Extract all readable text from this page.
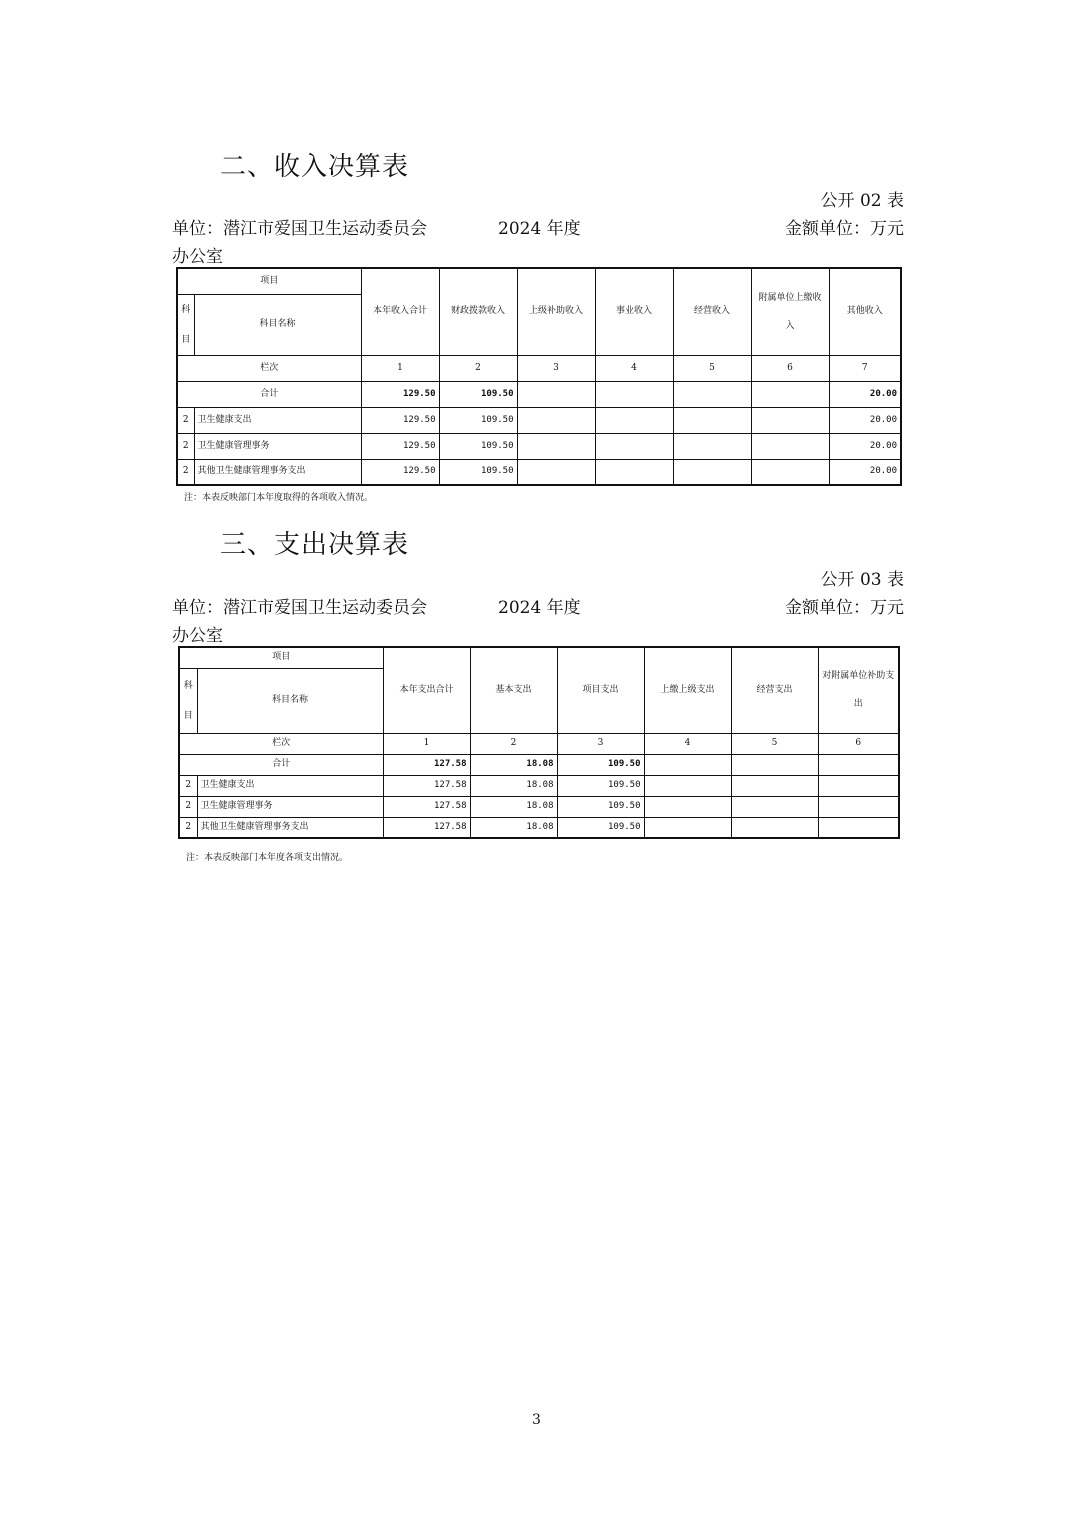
二、收入决算表
公开 02 表
单位：潜江市爱国卫生运动委员会	2024 年度	金额单位：万元
办公室
项目		本年收入合计	财政拨款收入	上级补助收入	事业收入	经营收入	附属单位上缴收入	其他收入

科
目	科目名称							
栏次		1	2	3	4	5	6	7
合计		129.50	109.50					20.00
2	卫生健康支出	129.50	109.50					20.00
2	卫生健康管理事务	129.50	109.50					20.00
2	其他卫生健康管理事务支出	129.50	109.50					20.00
注：本表反映部门本年度取得的各项收入情况。
三、支出决算表
公开 03 表
单位：潜江市爱国卫生运动委员会	2024 年度	金额单位：万元
办公室
项目		本年支出合计	基本支出	项目支出	上缴上级支出	经营支出	对附属单位补助支出

科
目	科目名称						
栏次		1	2	3	4	5	6
合计		127.58	18.08	109.50			
2	卫生健康支出	127.58	18.08	109.50			
2	卫生健康管理事务	127.58	18.08	109.50			
2	其他卫生健康管理事务支出	127.58	18.08	109.50			
注：本表反映部门本年度各项支出情况。
3
